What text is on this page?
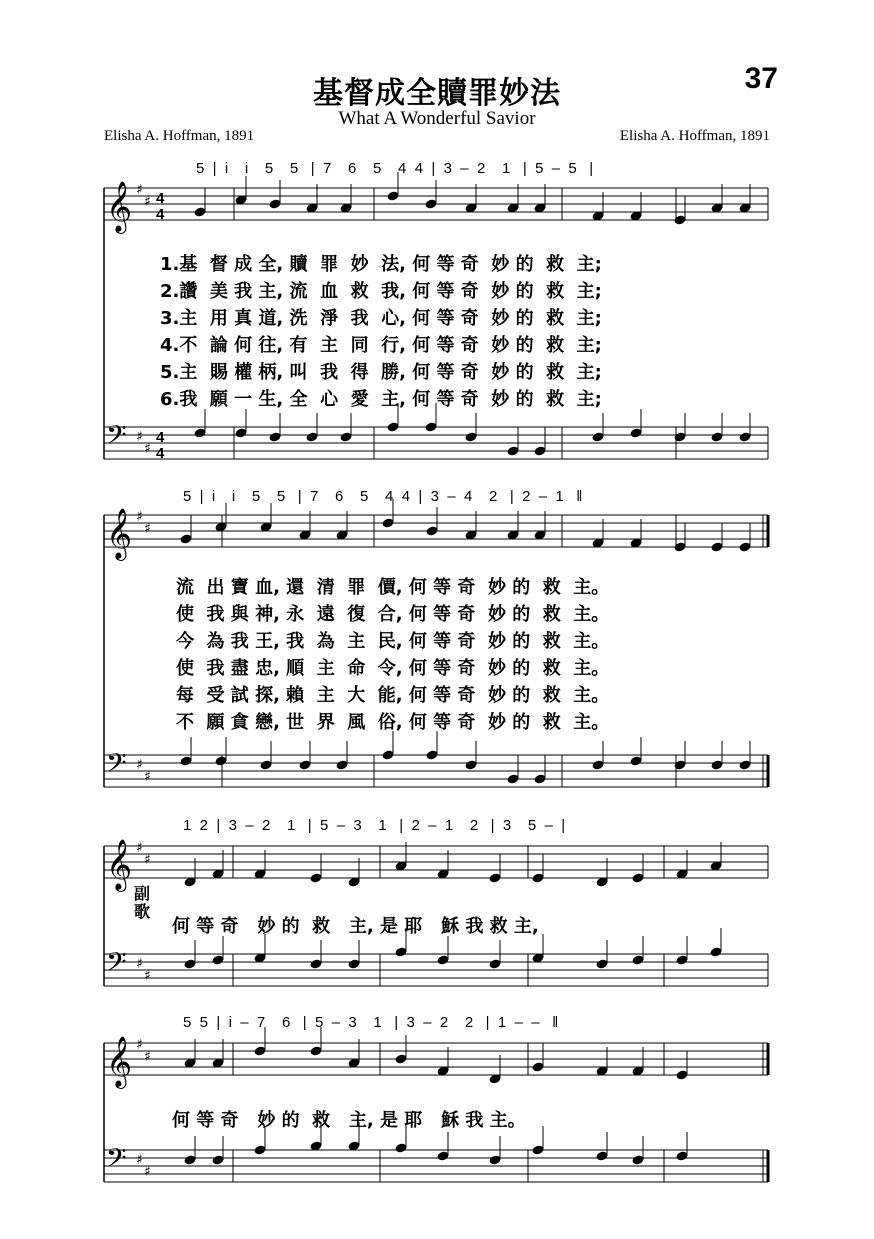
基督成全贖罪妙法
What A Wonderful Savior
37
Elisha A. Hoffman, 1891	Elisha A. Hoffman, 1891
𝄞 ♯
♯ 4
4
𝄢 ♯
♯
4
4
𝄞 ♯
♯
𝄢 ♯
♯
𝄞 ♯
♯
𝄢 ♯
♯
𝄞 ♯
♯
𝄢 ♯
♯
5  |  i    i    5    5   |  7    6    5    4  4  |  3  –  2    1   |  5  –  5   |
1.基  督 成 全, 贖  罪  妙  法, 何 等 奇  妙 的  救  主;
2.讚  美 我 主, 流  血  救  我, 何 等 奇  妙 的  救  主;
3.主  用 真 道, 洗  淨  我  心, 何 等 奇  妙 的  救  主;
4.不  論 何 往, 有  主  同  行, 何 等 奇  妙 的  救  主;
5.主  賜 權 柄, 叫  我  得  勝, 何 等 奇  妙 的  救  主;
6.我  願 一 生, 全  心  愛  主, 何 等 奇  妙 的  救  主;
5  |  i    i    5    5   |  7    6    5    4  4  |  3  –  4    2   |  2  –  1   ‖
流  出 寶 血, 還  清  罪  價, 何 等 奇  妙 的  救  主。
使  我 與 神, 永  遠  復  合, 何 等 奇  妙 的  救  主。
今  為 我 王, 我  為  主  民, 何 等 奇  妙 的  救  主。
使  我 盡 忠, 順  主  命  令, 何 等 奇  妙 的  救  主。
每  受 試 探, 賴  主  大  能, 何 等 奇  妙 的  救  主。
不  願 貪 戀, 世  界  風  俗, 何 等 奇  妙 的  救  主。
1  2  |  3  –  2    1   |  5  –  3    1   |  2  –  1    2   |  3    5  –  |
副歌
何 等 奇   妙 的  救   主, 是 耶   穌 我 救 主,
5  5  |  i  –  7    6   |  5  –  3    1   |  3  –  2    2   |  1  –  –   ‖
何 等 奇   妙 的  救   主, 是 耶   穌 我 主。
